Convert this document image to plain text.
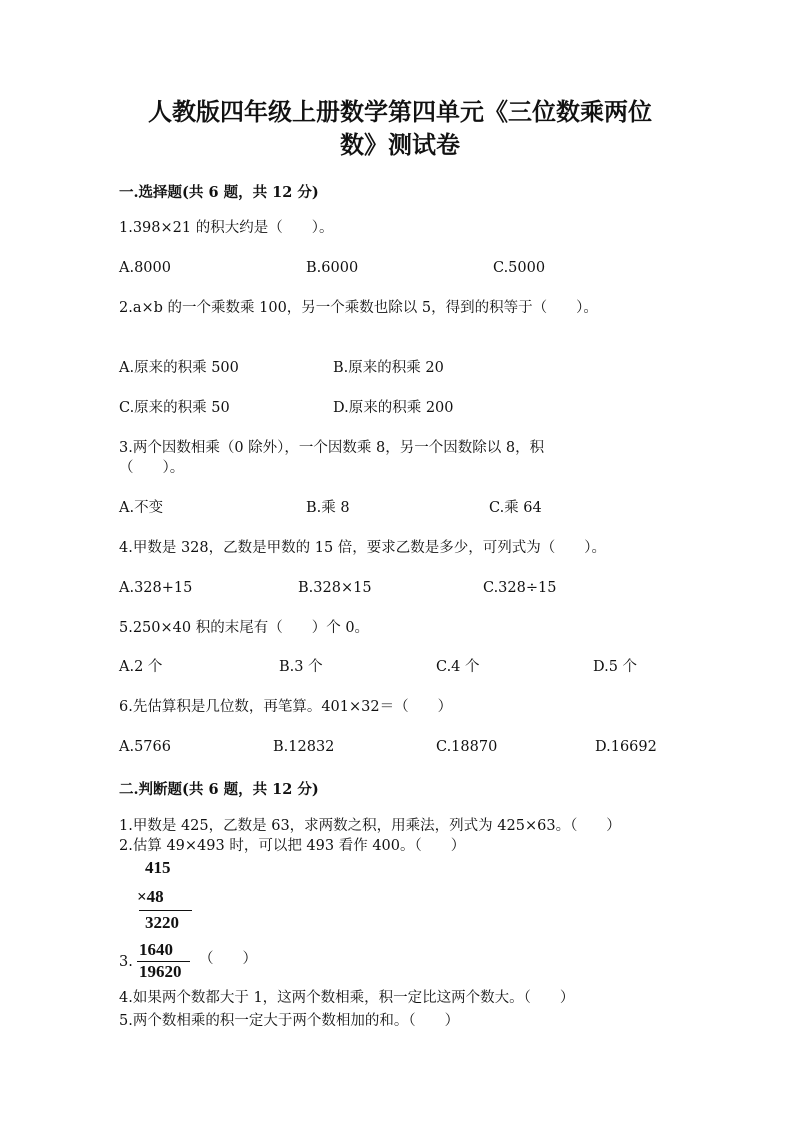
人教版四年级上册数学第四单元《三位数乘两位
数》测试卷
一.选择题(共 6 题，共 12 分)
1.398×21 的积大约是（　　）。
A.8000	B.6000	C.5000
2.a×b 的一个乘数乘 100，另一个乘数也除以 5，得到的积等于（　　）。
A.原来的积乘 500	B.原来的积乘 20
C.原来的积乘 50	D.原来的积乘 200
3.两个因数相乘（0 除外），一个因数乘 8，另一个因数除以 8，积
（　　）。
A.不变	B.乘 8	C.乘 64
4.甲数是 328，乙数是甲数的 15 倍，要求乙数是多少，可列式为（　　）。
A.328+15	B.328×15	C.328÷15
5.250×40 积的末尾有（　　）个 0。
A.2 个	B.3 个	C.4 个	D.5 个
6.先估算积是几位数，再笔算。401×32＝（　　）
A.5766	B.12832	C.18870	D.16692
二.判断题(共 6 题，共 12 分)
1.甲数是 425，乙数是 63，求两数之积，用乘法，列式为 425×63。（　　）
2.估算 49×493 时，可以把 493 看作 400。（　　）
415
×48
3220
1640
19620
3.	（　　）
4.如果两个数都大于 1，这两个数相乘，积一定比这两个数大。（　　）
5.两个数相乘的积一定大于两个数相加的和。（　　）
